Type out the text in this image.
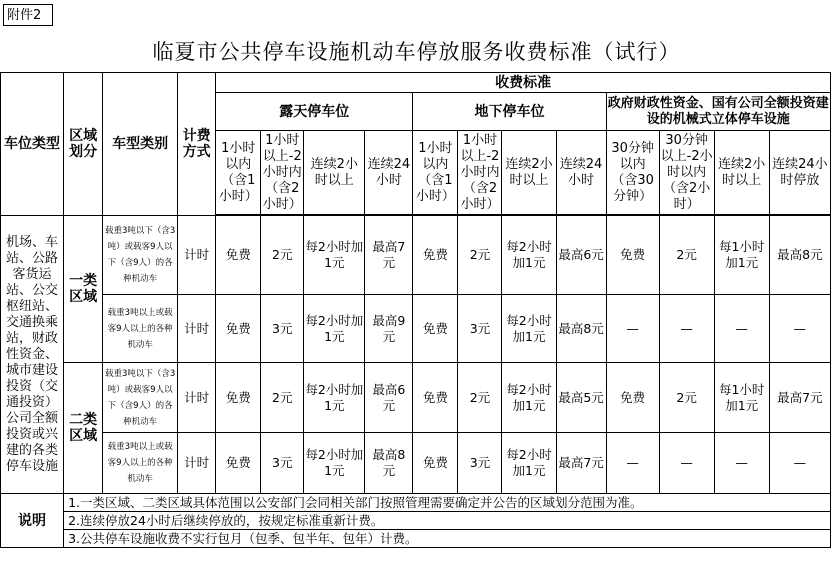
附件2
临夏市公共停车设施机动车停放服务收费标准（试行）
车位类型	区域划分	车型类别	计费方式	收费标准											
				露天停车位				地下停车位				政府财政性资金、国有公司全额投资建设的机械式立体停车设施			
				1小时以内（含1小时）	1小时以上-2小时内（含2小时）	连续2小时以上	连续24小时	1小时以内（含1小时）	1小时以上-2小时内（含2小时）	连续2小时以上	连续24小时	30分钟以内（含30分钟）	30分钟以上-2小时以内（含2小时）	连续2小时以上	连续24小时停放

机场、车站、公路客货运站、公交枢纽站、交通换乘站，财政性资金、城市建设投资（交通投资）公司全额投资或兴建的各类停车设施	一类区域	载重3吨以下（含3吨）或载客9人以下（含9人）的各种机动车	计时	免费	2元	每2小时加1元	最高7元	免费	2元	每2小时加1元	最高6元	免费	2元	每1小时加1元	最高8元
		载重3吨以上或载客9人以上的各种机动车	计时	免费	3元	每2小时加1元	最高9元	免费	3元	每2小时加1元	最高8元	—	—	—	—
	二类区域	载重3吨以下（含3吨）或载客9人以下（含9人）的各种机动车	计时	免费	2元	每2小时加1元	最高6元	免费	2元	每2小时加1元	最高5元	免费	2元	每1小时加1元	最高7元
		载重3吨以上或载客9人以上的各种机动车	计时	免费	3元	每2小时加1元	最高8元	免费	3元	每2小时加1元	最高7元	—	—	—	—
说明	1.一类区域、二类区域具体范围以公安部门会同相关部门按照管理需要确定并公告的区域划分范围为准。														
	2.连续停放24小时后继续停放的，按规定标准重新计费。														
	3.公共停车设施收费不实行包月（包季、包半年、包年）计费。														
